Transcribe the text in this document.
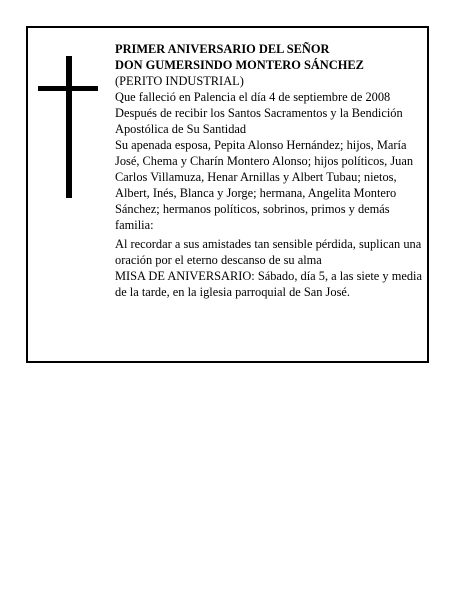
PRIMER ANIVERSARIO DEL SEÑOR

DON GUMERSINDO MONTERO SÁNCHEZ

(PERITO INDUSTRIAL)

Que falleció en Palencia el día 4 de septiembre de 2008

Después de recibir los Santos Sacramentos y la Bendición Apostólica de Su Santidad

Su apenada esposa, Pepita Alonso Hernández; hijos, María José, Chema y Charín Montero Alonso; hijos políticos, Juan Carlos Villamuza, Henar Arnillas y Albert Tubau; nietos, Albert, Inés, Blanca y Jorge; hermana, Angelita Montero Sánchez; hermanos políticos, sobrinos, primos y demás familia:

Al recordar a sus amistades tan sensible pérdida, suplican una oración por el eterno descanso de su alma

MISA DE ANIVERSARIO: Sábado, día 5, a las siete y media de la tarde, en la iglesia parroquial de San José.
